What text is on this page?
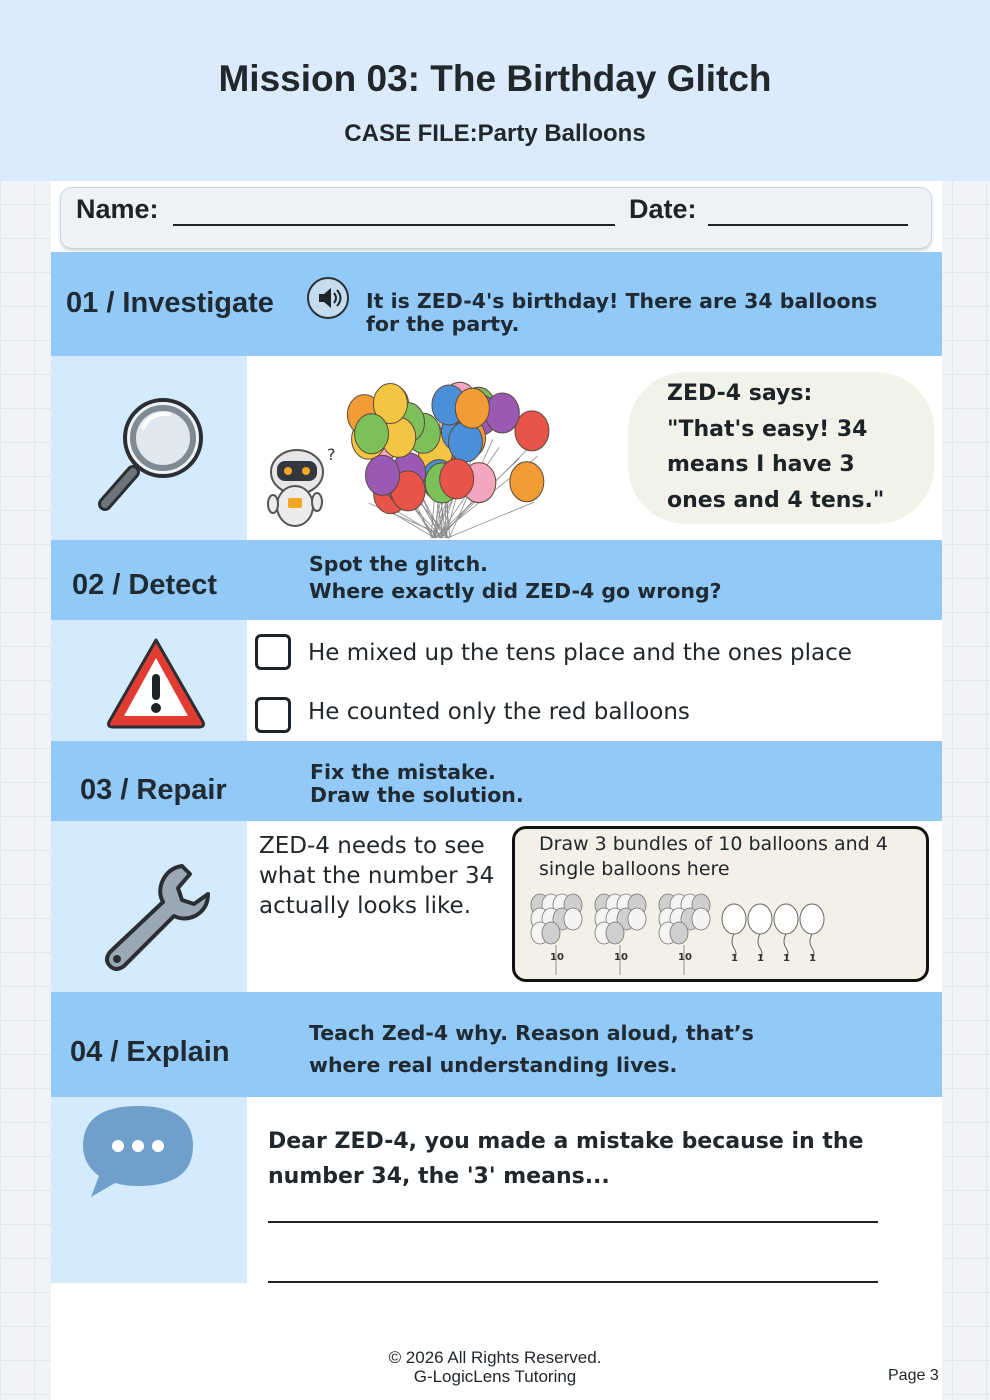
Mission 03: The Birthday Glitch
CASE FILE:Party Balloons
Name:	Date:
01 / Investigate	It is ZED-4's birthday! There are 34 balloons for the party.
?
ZED-4 says:
"That's easy! 34
means I have 3
ones and 4 tens."
02 / Detect
Spot the glitch.
Where exactly did ZED-4 go wrong?
He mixed up the tens place and the ones place
He counted only the red balloons
03 / Repair
Fix the mistake.
Draw the solution.
ZED-4 needs to see what the number 34 actually looks like.
Draw 3 bundles of 10 balloons and 4 single balloons here
10	10	10	1 1 1 1
04 / Explain
Teach Zed-4 why. Reason aloud, that’s
where real understanding lives.
Dear ZED-4, you made a mistake because in the number 34, the '3' means...
© 2026 All Rights Reserved.
G-LogicLens Tutoring	Page 3
